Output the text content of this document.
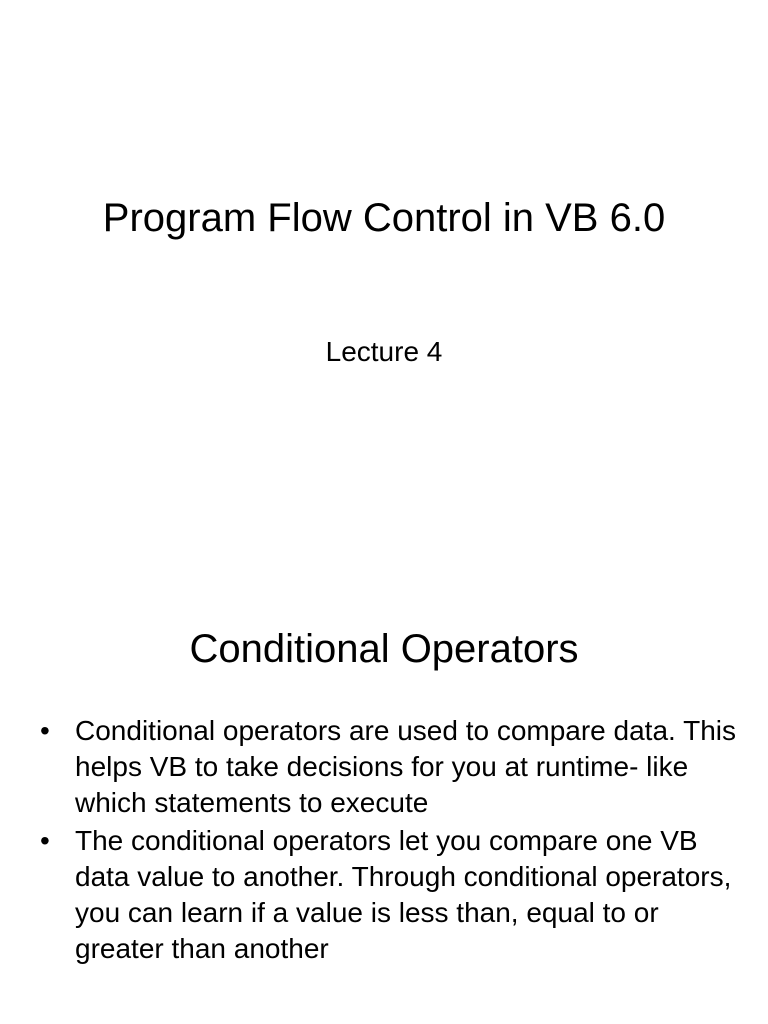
Program Flow Control in VB 6.0

Lecture 4

Conditional Operators
• Conditional operators are used to compare data. This helps VB to take decisions for you at runtime- like which statements to execute
• The conditional operators let you compare one VB data value to another. Through conditional operators, you can learn if a value is less than, equal to or greater than another
